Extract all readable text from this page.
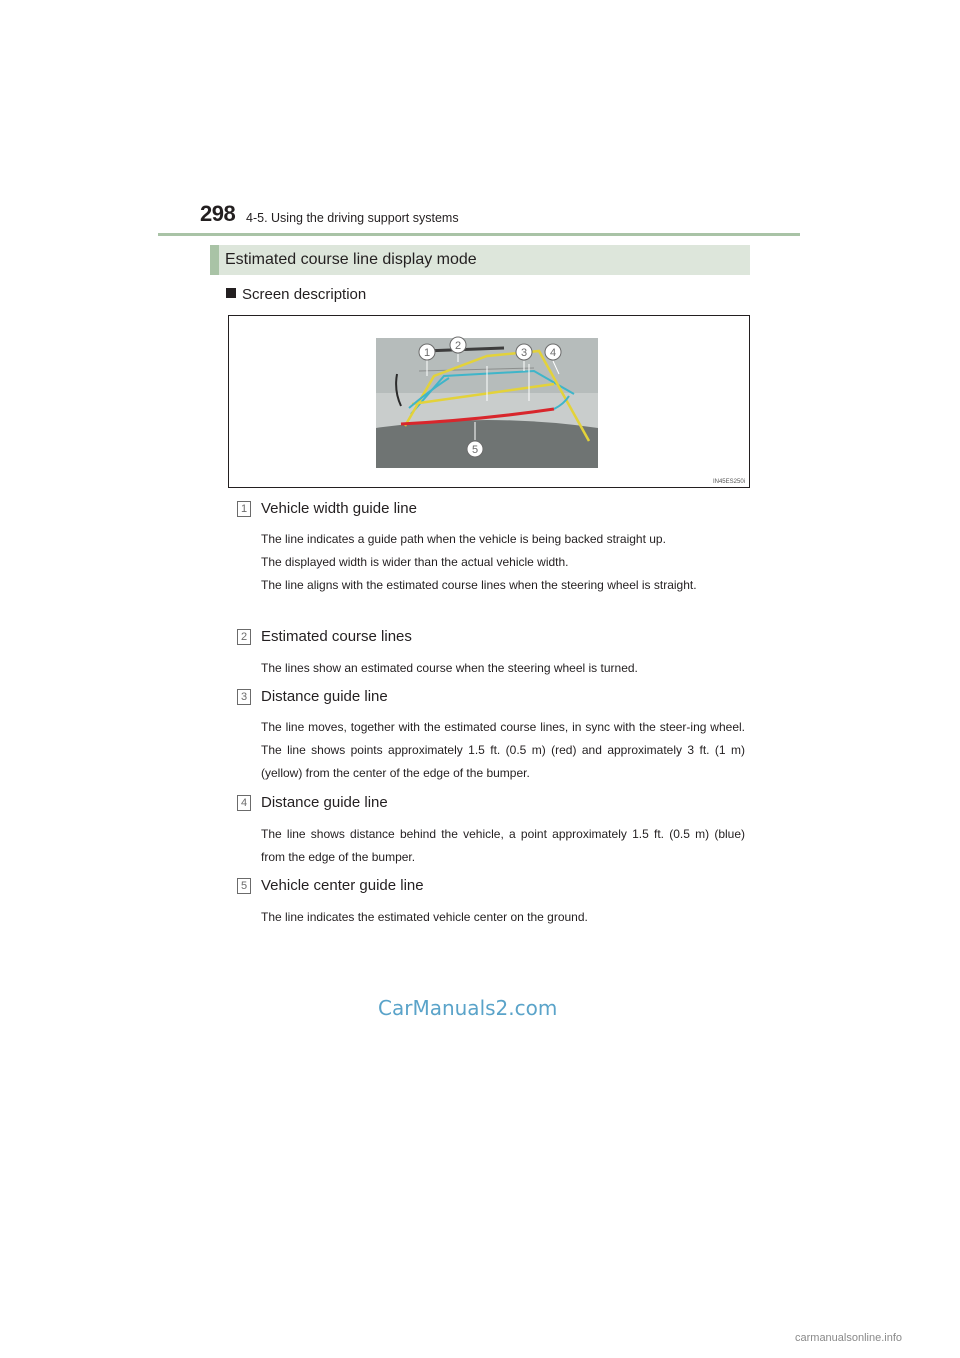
298 4-5. Using the driving support systems
Estimated course line display mode
Screen description
1
2
3 4
5
IN45ES250i
1 Vehicle width guide line
The line indicates a guide path when the vehicle is being backed straight up.
The displayed width is wider than the actual vehicle width.
The line aligns with the estimated course lines when the steering wheel is straight.
2 Estimated course lines
The lines show an estimated course when the steering wheel is turned.
3 Distance guide line
The line moves, together with the estimated course lines, in sync with the steer-ing wheel. The line shows points approximately 1.5 ft. (0.5 m) (red) and approximately 3 ft. (1 m) (yellow) from the center of the edge of the bumper.
4 Distance guide line
The line shows distance behind the vehicle, a point approximately 1.5 ft. (0.5 m) (blue) from the edge of the bumper.
5 Vehicle center guide line
The line indicates the estimated vehicle center on the ground.
CarManuals2.com
carmanualsonline.info
